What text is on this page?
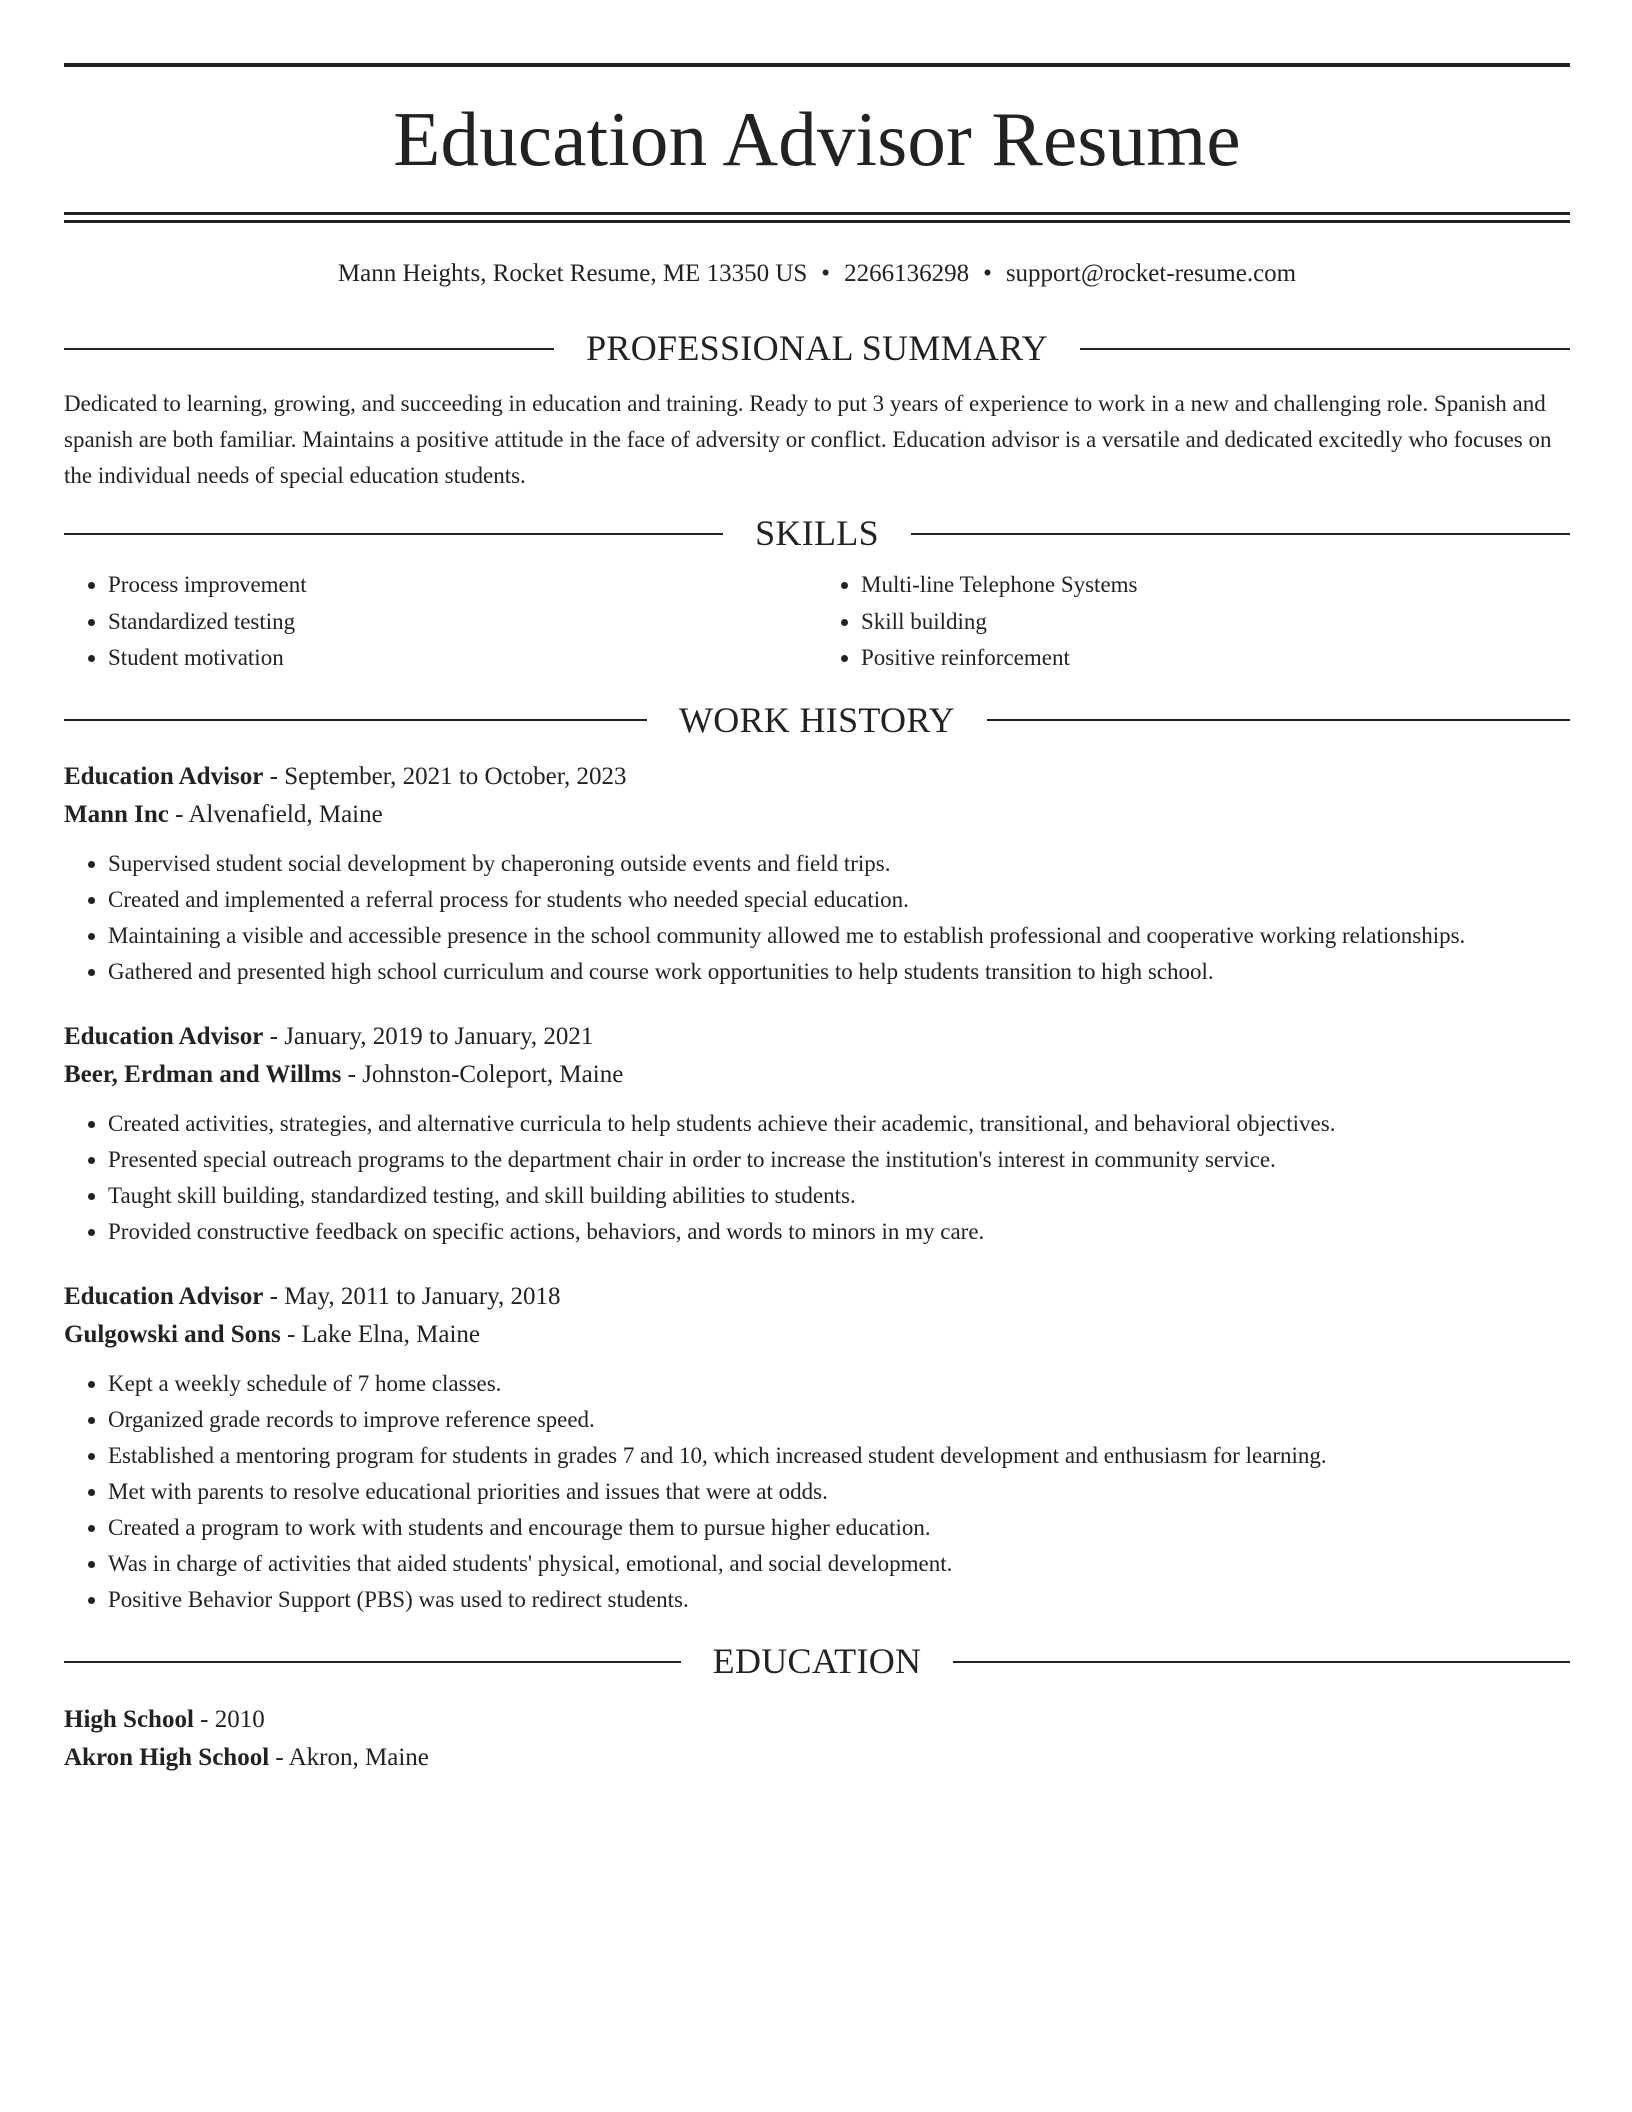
Education Advisor Resume
Mann Heights, Rocket Resume, ME 13350 US • 2266136298 • support@rocket-resume.com
PROFESSIONAL SUMMARY

Dedicated to learning, growing, and succeeding in education and training. Ready to put 3 years of experience to work in a new and challenging role. Spanish and spanish are both familiar. Maintains a positive attitude in the face of adversity or conflict. Education advisor is a versatile and dedicated excitedly who focuses on the individual needs of special education students.

SKILLS
• Process improvement
• Standardized testing
• Student motivation
• Multi-line Telephone Systems
• Skill building
• Positive reinforcement
WORK HISTORY
Education Advisor - September, 2021 to October, 2023
Mann Inc - Alvenafield, Maine
• Supervised student social development by chaperoning outside events and field trips.
• Created and implemented a referral process for students who needed special education.
• Maintaining a visible and accessible presence in the school community allowed me to establish professional and cooperative working relationships.
• Gathered and presented high school curriculum and course work opportunities to help students transition to high school.
Education Advisor - January, 2019 to January, 2021
Beer, Erdman and Willms - Johnston-Coleport, Maine
• Created activities, strategies, and alternative curricula to help students achieve their academic, transitional, and behavioral objectives.
• Presented special outreach programs to the department chair in order to increase the institution's interest in community service.
• Taught skill building, standardized testing, and skill building abilities to students.
• Provided constructive feedback on specific actions, behaviors, and words to minors in my care.
Education Advisor - May, 2011 to January, 2018
Gulgowski and Sons - Lake Elna, Maine
• Kept a weekly schedule of 7 home classes.
• Organized grade records to improve reference speed.
• Established a mentoring program for students in grades 7 and 10, which increased student development and enthusiasm for learning.
• Met with parents to resolve educational priorities and issues that were at odds.
• Created a program to work with students and encourage them to pursue higher education.
• Was in charge of activities that aided students' physical, emotional, and social development.
• Positive Behavior Support (PBS) was used to redirect students.
EDUCATION
High School - 2010
Akron High School - Akron, Maine
